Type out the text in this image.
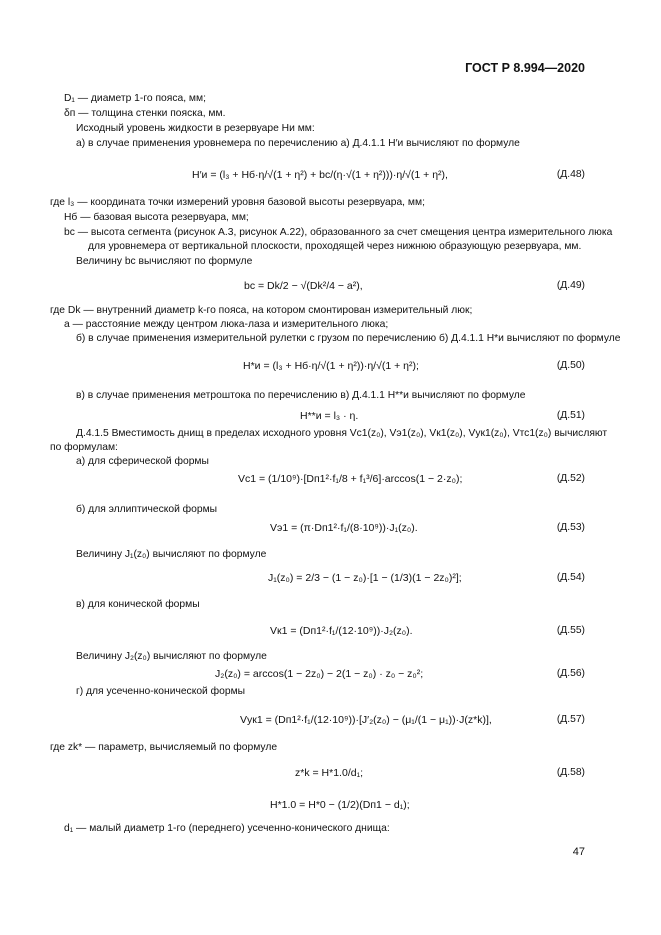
ГОСТ Р 8.994—2020
D₁ — диаметр 1-го пояса, мм;
δп — толщина стенки пояска, мм.
Исходный уровень жидкости в резервуаре Hи мм:
а) в случае применения уровнемера по перечислению а) Д.4.1.1 H′и вычисляют по формуле
H′и = (l₃ + Hб·η/√(1 + η²) + bc/(η·√(1 + η²)))·η/√(1 + η²),	(Д.48)
где l₃ — координата точки измерений уровня базовой высоты резервуара, мм;
Hб — базовая высота резервуара, мм;
bc — высота сегмента (рисунок А.3, рисунок А.22), образованного за счет смещения центра измерительного люка
для уровнемера от вертикальной плоскости, проходящей через нижнюю образующую резервуара, мм.
Величину bc вычисляют по формуле
bc = Dk/2 − √(Dk²/4 − a²),	(Д.49)
где Dk — внутренний диаметр k-го пояса, на котором смонтирован измерительный люк;
a — расстояние между центром люка-лаза и измерительного люка;
б) в случае применения измерительной рулетки с грузом по перечислению б) Д.4.1.1 H*и вычисляют по формуле
H*и = (l₃ + Hб·η/√(1 + η²))·η/√(1 + η²);	(Д.50)
в) в случае применения метроштока по перечислению в) Д.4.1.1 H**и вычисляют по формуле
H**и = l₃ · η.	(Д.51)
Д.4.1.5 Вместимость днищ в пределах исходного уровня Vс1(z₀), Vэ1(z₀), Vк1(z₀), Vук1(z₀), Vтс1(z₀) вычисляют
по формулам:
а) для сферической формы
Vс1 = (1/10⁹)·[Dп1²·f₁/8 + f₁³/6]·arccos(1 − 2·z₀);	(Д.52)
б) для эллиптической формы
Vэ1 = (π·Dп1²·f₁/(8·10⁹))·J₁(z₀).	(Д.53)
Величину J₁(z₀) вычисляют по формуле
J₁(z₀) = 2/3 − (1 − z₀)·[1 − (1/3)(1 − 2z₀)²];	(Д.54)
в) для конической формы
Vк1 = (Dп1²·f₁/(12·10⁹))·J₂(z₀).	(Д.55)
Величину J₂(z₀) вычисляют по формуле
J₂(z₀) = arccos(1 − 2z₀) − 2(1 − z₀) · z₀ − z₀²;	(Д.56)
г) для усеченно-конической формы
Vук1 = (Dп1²·f₁/(12·10⁹))·[J′₂(z₀) − (μ₁/(1 − μ₁))·J(z*k)],	(Д.57)
где zk* — параметр, вычисляемый по формуле
z*k = H*1.0/d₁;	(Д.58)
H*1.0 = H*0 − (1/2)(Dп1 − d₁);
d₁ — малый диаметр 1-го (переднего) усеченно-конического днища:
47
